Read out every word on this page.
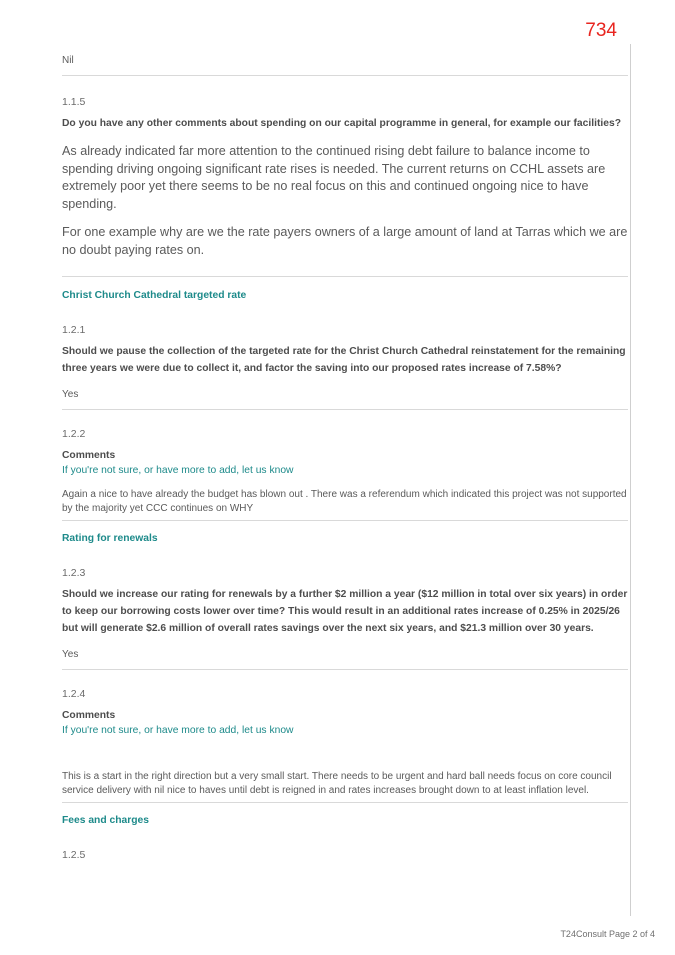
734
Nil
1.1.5
Do you have any other comments about spending on our capital programme in general, for example our facilities?

As already indicated far more attention to the continued rising debt failure to balance income to spending driving ongoing significant rate rises is needed. The current returns on CCHL assets are extremely poor yet there seems to be no real focus on this and continued ongoing nice to have spending.

For one example why are we the rate payers owners of a large amount of land at Tarras which we are no doubt paying rates on.

Christ Church Cathedral targeted rate
1.2.1
Should we pause the collection of the targeted rate for the Christ Church Cathedral reinstatement for the remaining three years we were due to collect it, and factor the saving into our proposed rates increase of 7.58%?
Yes
1.2.2
Comments
If you're not sure, or have more to add, let us know
Again a nice to have already the budget has blown out . There was a referendum which indicated this project was not supported by the majority yet CCC continues on WHY
Rating for renewals
1.2.3
Should we increase our rating for renewals by a further $2 million a year ($12 million in total over six years) in order to keep our borrowing costs lower over time? This would result in an additional rates increase of 0.25% in 2025/26 but will generate $2.6 million of overall rates savings over the next six years, and $21.3 million over 30 years.
Yes
1.2.4
Comments
If you're not sure, or have more to add, let us know
This is a start in the right direction but a very small start. There needs to be urgent and hard ball needs focus on core council service delivery with nil nice to haves until debt is reigned in and rates increases brought down to at least inflation level.
Fees and charges
1.2.5
T24Consult Page 2 of 4
